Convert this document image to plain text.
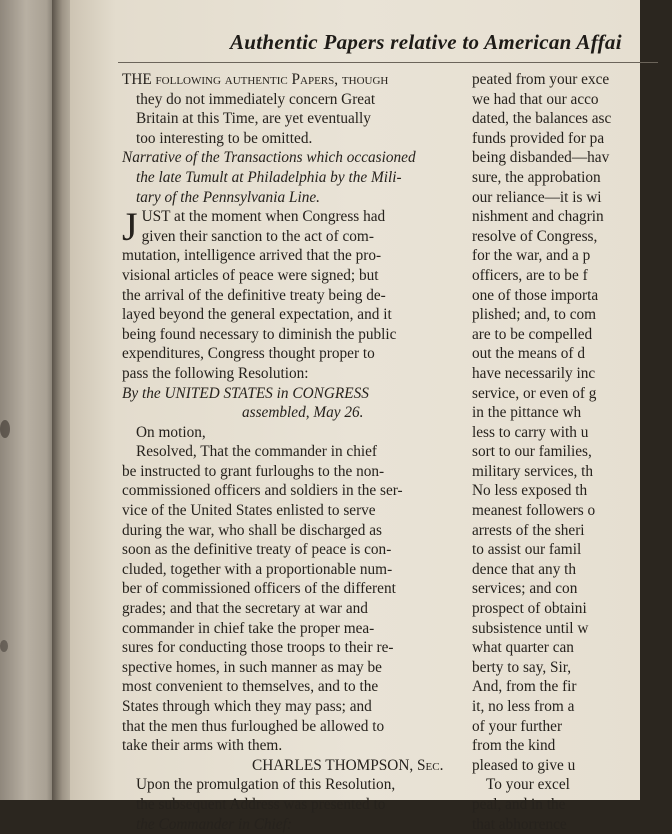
Authentic Papers relative to American Affai
THE following authentic Papers, though
they do not immediately concern Great
Britain at this Time, are yet eventually
too interesting to be omitted.
Narrative of the Transactions which occasioned
the late Tumult at Philadelphia by the Mili-
tary of the Pennsylvania Line.
J UST at the moment when Congress had
given their sanction to the act of com-
mutation, intelligence arrived that the pro-
visional articles of peace were signed; but
the arrival of the definitive treaty being de-
layed beyond the general expectation, and it
being found necessary to diminish the public
expenditures, Congress thought proper to
pass the following Resolution:
By the UNITED STATES in CONGRESS
assembled, May 26.
On motion,
Resolved, That the commander in chief
be instructed to grant furloughs to the non-
commissioned officers and soldiers in the ser-
vice of the United States enlisted to serve
during the war, who shall be discharged as
soon as the definitive treaty of peace is con-
cluded, together with a proportionable num-
ber of commissioned officers of the different
grades; and that the secretary at war and
commander in chief take the proper mea-
sures for conducting those troops to their re-
spective homes, in such manner as may be
most convenient to themselves, and to the
States through which they may pass; and
that the men thus furloughed be allowed to
take their arms with them.
CHARLES THOMPSON, Sec.
Upon the promulgation of this Resolution,
the subsequent Address was presented to
the Commander in Chief:
peated from your exce
we had that our acco
dated, the balances asc
funds provided for pa
being disbanded—hav
sure, the approbation
our reliance—it is wi
nishment and chagrin
resolve of Congress,
for the war, and a p
officers, are to be f
one of those importa
plished; and, to com
are to be compelled
out the means of d
have necessarily inc
service, or even of g
in the pittance wh
less to carry with u
sort to our families,
military services, th
No less exposed th
meanest followers o
arrests of the sheri
to assist our famil
dence that any th
services; and con
prospect of obtaini
subsistence until w
what quarter can
berty to say, Sir,
And, from the fir
it, no less from a
of your further
from the kind
pleased to give u
To your excel
peal, and in the
that abhorrence
